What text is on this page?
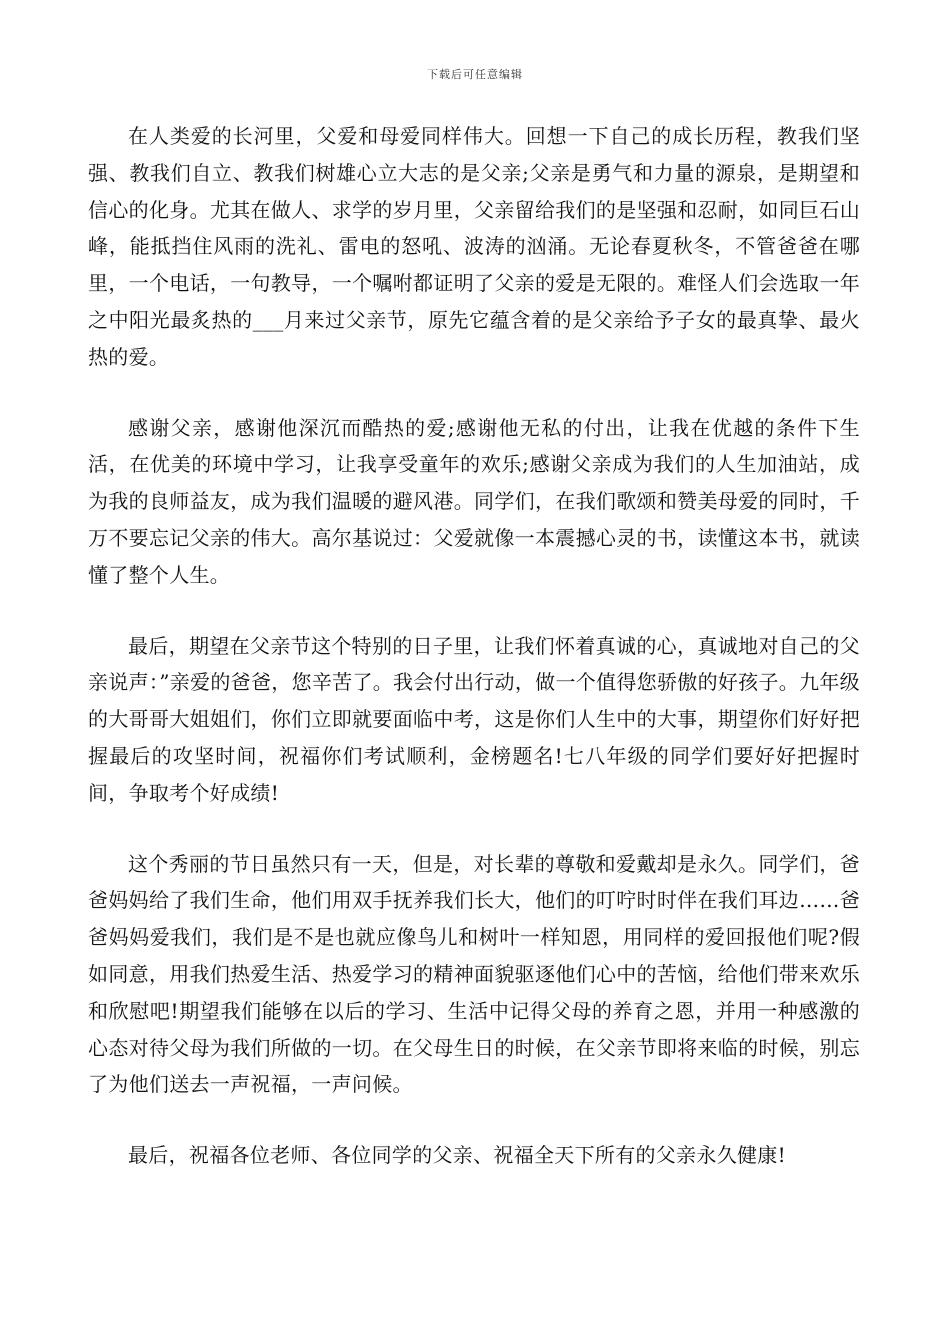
下载后可任意编辑

在人类爱的长河里，父爱和母爱同样伟大。回想一下自己的成长历程，教我们坚强、教我们自立、教我们树雄心立大志的是父亲;父亲是勇气和力量的源泉，是期望和信心的化身。尤其在做人、求学的岁月里，父亲留给我们的是坚强和忍耐，如同巨石山峰，能抵挡住风雨的洗礼、雷电的怒吼、波涛的汹涌。无论春夏秋冬，不管爸爸在哪里，一个电话，一句教导，一个嘱咐都证明了父亲的爱是无限的。难怪人们会选取一年之中阳光最炙热的___月来过父亲节，原先它蕴含着的是父亲给予子女的最真挚、最火热的爱。

感谢父亲，感谢他深沉而酷热的爱;感谢他无私的付出，让我在优越的条件下生活，在优美的环境中学习，让我享受童年的欢乐;感谢父亲成为我们的人生加油站，成为我的良师益友，成为我们温暖的避风港。同学们，在我们歌颂和赞美母爱的同时，千万不要忘记父亲的伟大。高尔基说过：父爱就像一本震撼心灵的书，读懂这本书，就读懂了整个人生。

最后，期望在父亲节这个特别的日子里，让我们怀着真诚的心，真诚地对自己的父亲说声：”亲爱的爸爸，您辛苦了。我会付出行动，做一个值得您骄傲的好孩子。九年级的大哥哥大姐姐们，你们立即就要面临中考，这是你们人生中的大事，期望你们好好把握最后的攻坚时间，祝福你们考试顺利，金榜题名!七八年级的同学们要好好把握时间，争取考个好成绩!

这个秀丽的节日虽然只有一天，但是，对长辈的尊敬和爱戴却是永久。同学们，爸爸妈妈给了我们生命，他们用双手抚养我们长大，他们的叮咛时时伴在我们耳边……爸爸妈妈爱我们，我们是不是也就应像鸟儿和树叶一样知恩，用同样的爱回报他们呢?假如同意，用我们热爱生活、热爱学习的精神面貌驱逐他们心中的苦恼，给他们带来欢乐和欣慰吧!期望我们能够在以后的学习、生活中记得父母的养育之恩，并用一种感激的心态对待父母为我们所做的一切。在父母生日的时候，在父亲节即将来临的时候，别忘了为他们送去一声祝福，一声问候。

最后，祝福各位老师、各位同学的父亲、祝福全天下所有的父亲永久健康!
